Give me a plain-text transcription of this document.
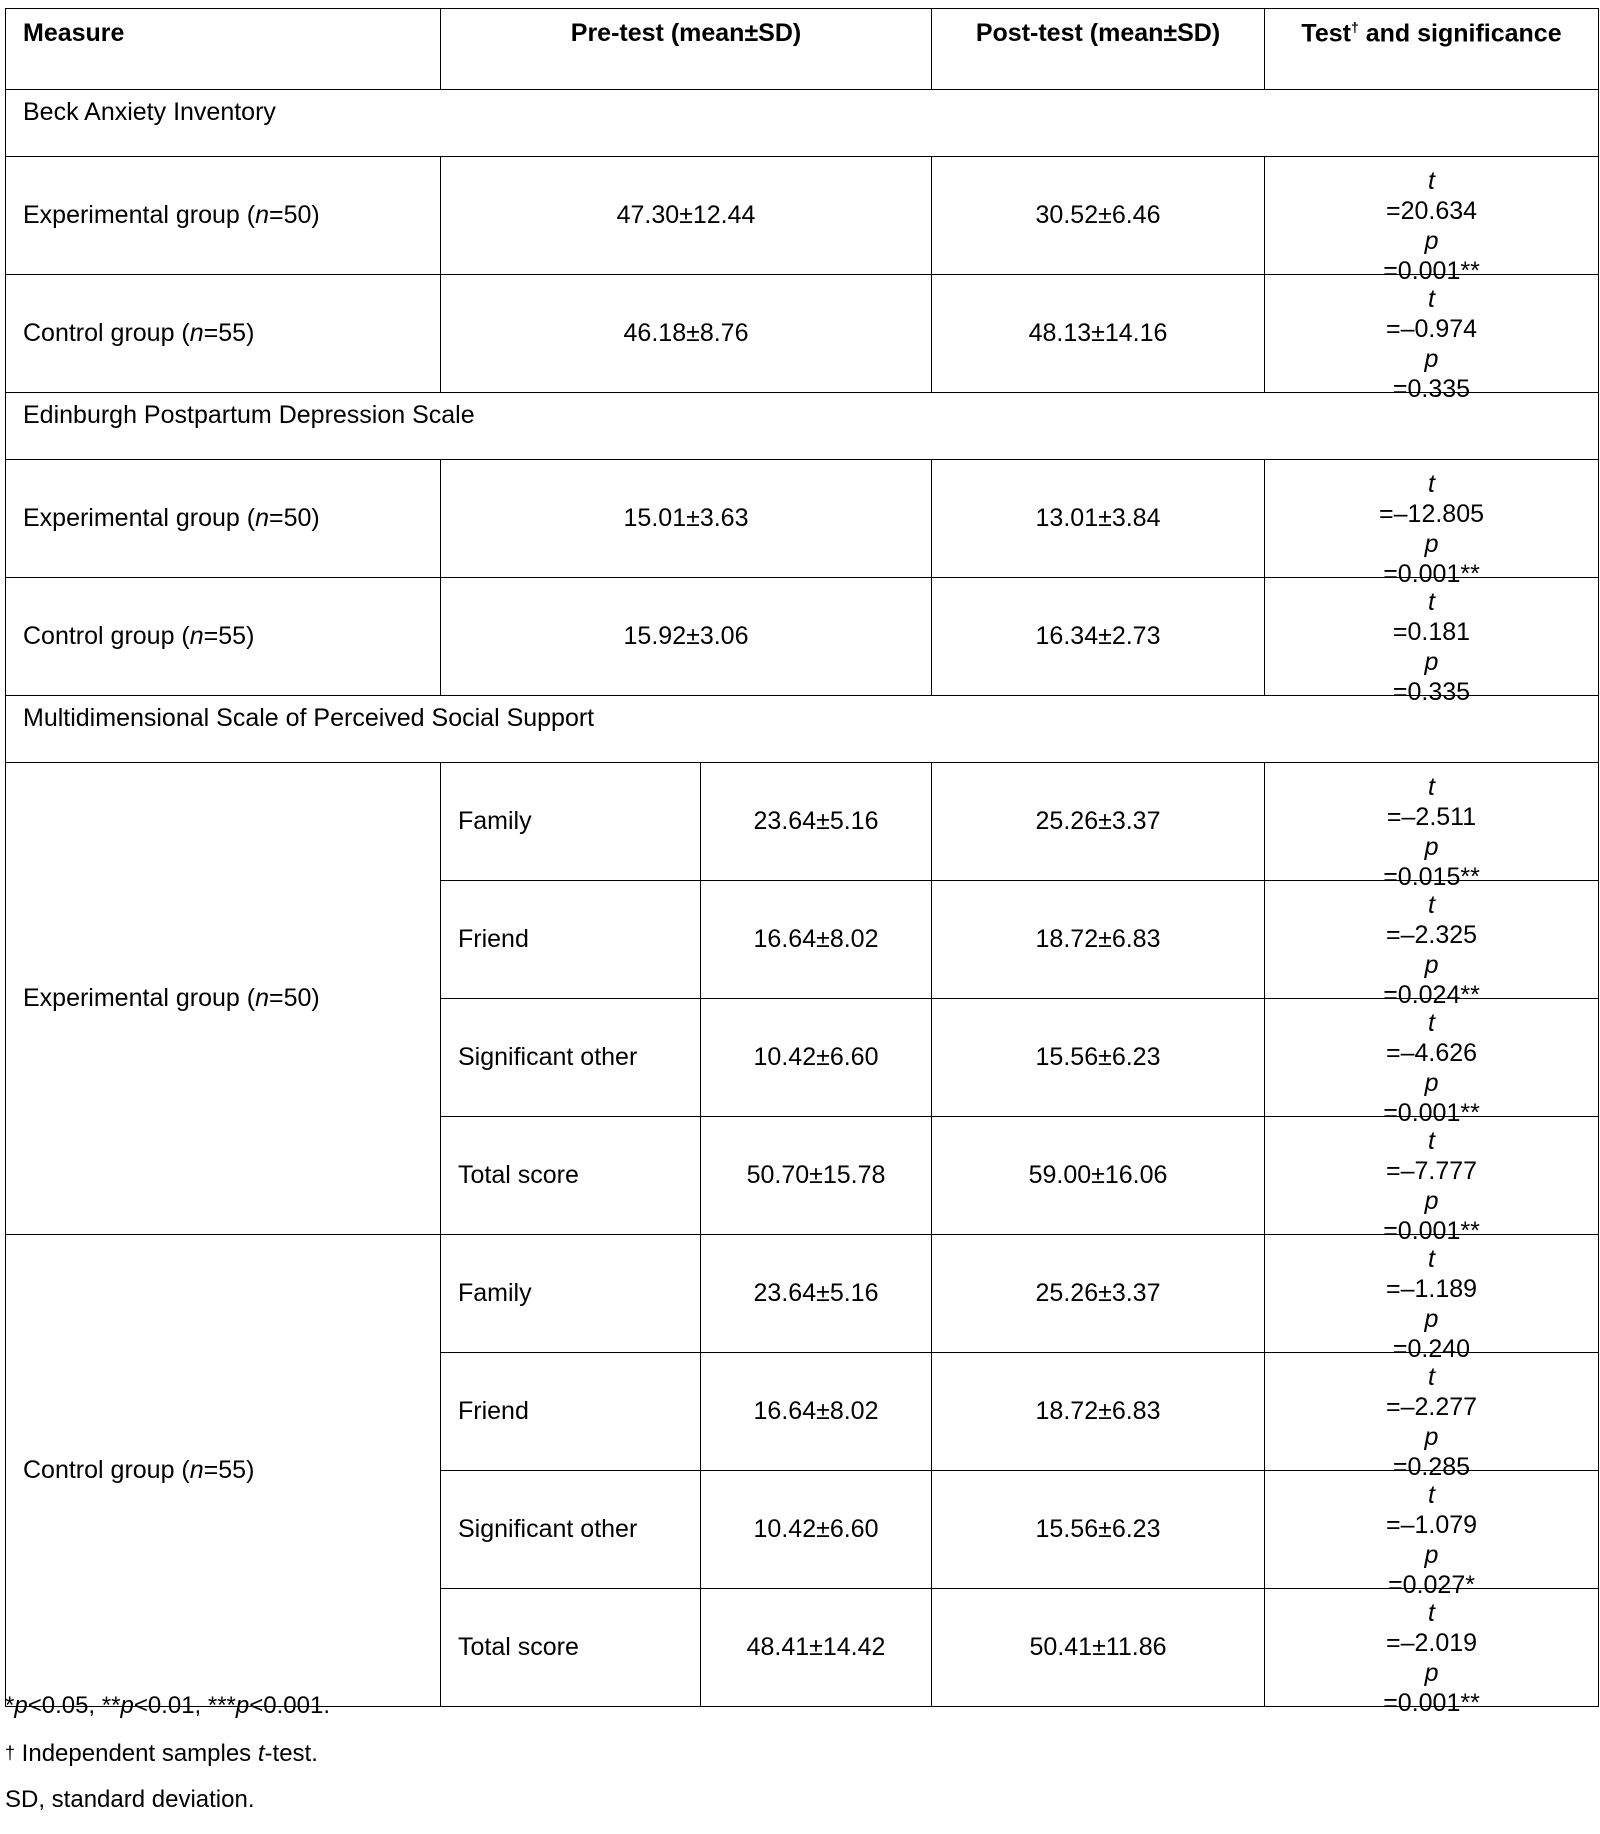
Measure	Pre-test (mean±SD)		Post-test (mean±SD)	Test† and significance
Beck Anxiety Inventory				
Experimental group (n=50)	47.30±12.44		30.52±6.46	t
=20.634
p
=0.001**

Control group (n=55)	46.18±8.76		48.13±14.16	t
=–0.974
p
=0.335

Edinburgh Postpartum Depression Scale				
Experimental group (n=50)	15.01±3.63		13.01±3.84	t
=–12.805
p
=0.001**

Control group (n=55)	15.92±3.06		16.34±2.73	t
=0.181
p
=0.335

Multidimensional Scale of Perceived Social Support				
Experimental group (n=50)	Family	23.64±5.16	25.26±3.37	t
=–2.511
p
=0.015**

	Friend	16.64±8.02	18.72±6.83	t
=–2.325
p
=0.024**

	Significant other	10.42±6.60	15.56±6.23	t
=–4.626
p
=0.001**

	Total score	50.70±15.78	59.00±16.06	t
=–7.777
p
=0.001**

Control group (n=55)	Family	23.64±5.16	25.26±3.37	t
=–1.189
p
=0.240

	Friend	16.64±8.02	18.72±6.83	t
=–2.277
p
=0.285

	Significant other	10.42±6.60	15.56±6.23	t
=–1.079
p
=0.027*

	Total score	48.41±14.42	50.41±11.86	t
=–2.019
p
=0.001**
*p<0.05, **p<0.01, ***p<0.001.
† Independent samples t-test.
SD, standard deviation.
